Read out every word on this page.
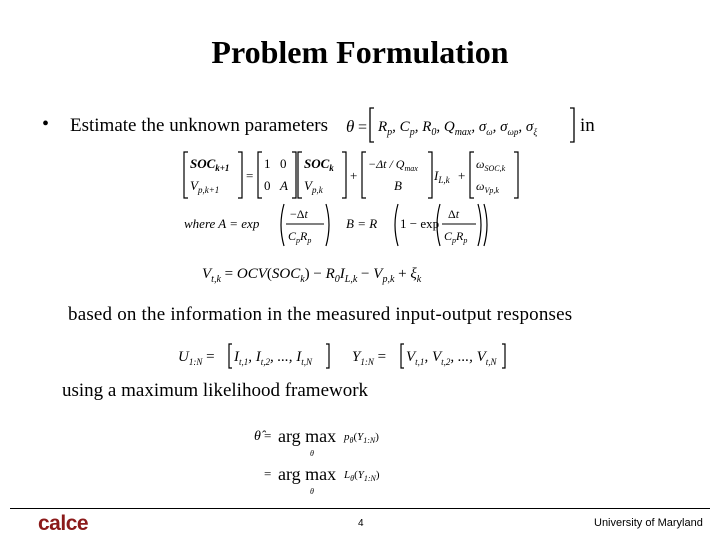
Problem Formulation
• Estimate the unknown parameters	in
$\theta = R_p$, $C_p$, $R_0$, $Q_{max}$, $\sigma_\omega$, $\sigma_{\omega p}$, $\sigma_\xi$
$SOC_{k+1}$
$V_{p,k+1}$
=
1 0
0 A
$SOC_k$
$V_{p,k}$
+
$-\Delta t / Q_{max}$
B
$I_{L,k}$ +
$\omega_{SOC,k}$
$\omega_{Vp,k}$
where A = exp
−Δt
$C_pR_p$
B = R 1 − exp
Δt
$C_pR_p$
$V_{t,k} = OCV(SOC_k) - R_0I_{L,k} - V_{p,k} + \xi_k$
based on the information in the measured input-output responses
$U_{1:N} = I_{t,1}$, $I_{t,2}$, ..., $I_{t,N}$	$Y_{1:N} = V_{t,1}$, $V_{t,2}$, ..., $V_{t,N}$
using a maximum likelihood framework
θ̂ = arg $\max p_\theta(Y_{1:N})$
θ
= arg $\max L_\theta(Y_{1:N})$
θ
calce	4	University of Maryland
